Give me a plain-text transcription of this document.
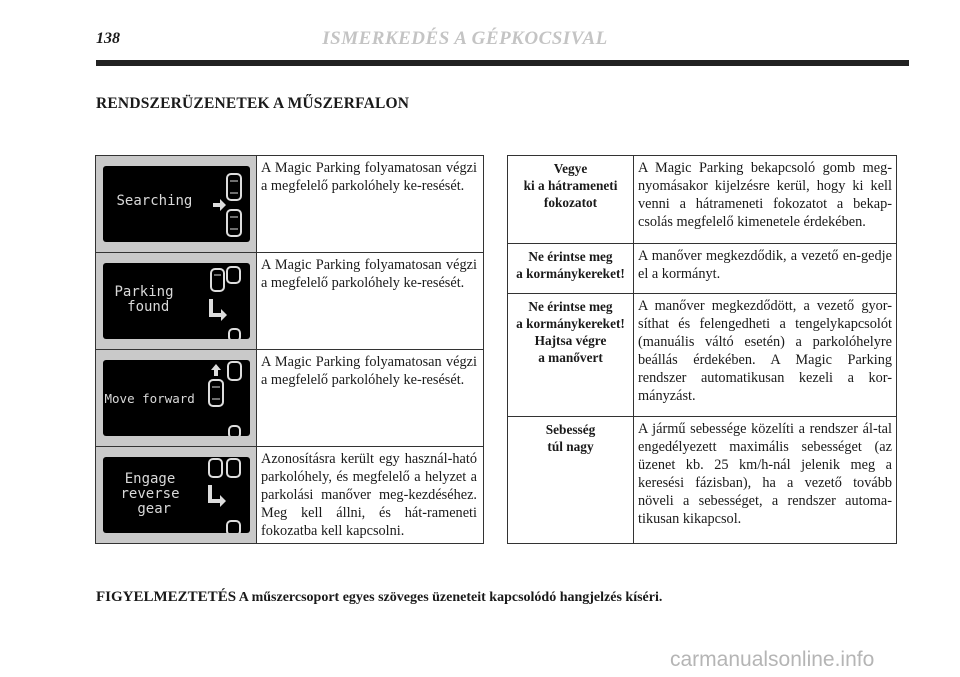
138	ISMERKEDÉS A GÉPKOCSIVAL
RENDSZERÜZENETEK A MŰSZERFALON
Searching
A Magic Parking folyamatosan végzi a megfelelő parkolóhely ke-resését.
Parking
found
A Magic Parking folyamatosan végzi a megfelelő parkolóhely ke-resését.
Move forward
A Magic Parking folyamatosan végzi a megfelelő parkolóhely ke-resését.
Engage
reverse
gear
Azonosításra került egy használ-ható parkolóhely, és megfelelő a helyzet a parkolási manőver meg-kezdéséhez. Meg kell állni, és hát-rameneti fokozatba kell kapcsolni.
Vegye
ki a hátrameneti
fokozatot
A Magic Parking bekapcsoló gomb meg-nyomásakor kijelzésre kerül, hogy ki kell venni a hátrameneti fokozatot a bekap-csolás megfelelő kimenetele érdekében.
Ne érintse meg
a kormánykereket!
A manőver megkezdődik, a vezető en-gedje el a kormányt.
Ne érintse meg
a kormánykereket!
Hajtsa végre
a manővert
A manőver megkezdődött, a vezető gyor-síthat és felengedheti a tengelykapcsolót (manuális váltó esetén) a parkolóhelyre beállás érdekében. A Magic Parking rendszer automatikusan kezeli a kor-mányzást.
Sebesség
túl nagy
A jármű sebessége közelíti a rendszer ál-tal engedélyezett maximális sebességet (az üzenet kb. 25 km/h-nál jelenik meg a keresési fázisban), ha a vezető tovább növeli a sebességet, a rendszer automa-tikusan kikapcsol.
FIGYELMEZTETÉS A műszercsoport egyes szöveges üzeneteit kapcsolódó hangjelzés kíséri.
carmanualsonline.info
